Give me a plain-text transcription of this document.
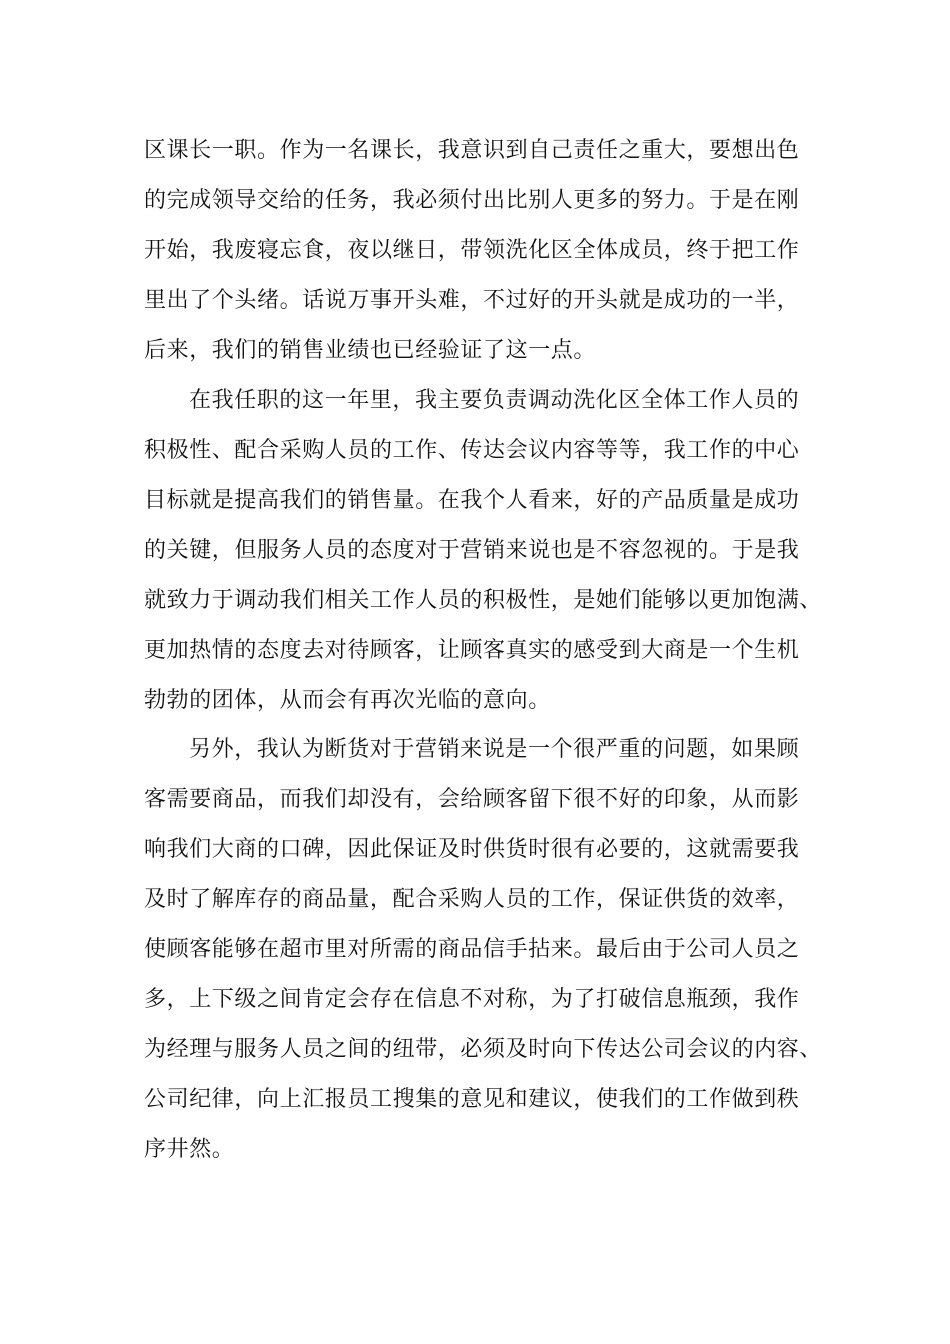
区课长一职。作为一名课长，我意识到自己责任之重大，要想出色
的完成领导交给的任务，我必须付出比别人更多的努力。于是在刚
开始，我废寝忘食，夜以继日，带领洗化区全体成员，终于把工作
里出了个头绪。话说万事开头难，不过好的开头就是成功的一半，
后来，我们的销售业绩也已经验证了这一点。
在我任职的这一年里，我主要负责调动洗化区全体工作人员的
积极性、配合采购人员的工作、传达会议内容等等，我工作的中心
目标就是提高我们的销售量。在我个人看来，好的产品质量是成功
的关键，但服务人员的态度对于营销来说也是不容忽视的。于是我
就致力于调动我们相关工作人员的积极性，是她们能够以更加饱满、
更加热情的态度去对待顾客，让顾客真实的感受到大商是一个生机
勃勃的团体，从而会有再次光临的意向。
另外，我认为断货对于营销来说是一个很严重的问题，如果顾
客需要商品，而我们却没有，会给顾客留下很不好的印象，从而影
响我们大商的口碑，因此保证及时供货时很有必要的，这就需要我
及时了解库存的商品量，配合采购人员的工作，保证供货的效率，
使顾客能够在超市里对所需的商品信手拈来。最后由于公司人员之
多，上下级之间肯定会存在信息不对称，为了打破信息瓶颈，我作
为经理与服务人员之间的纽带，必须及时向下传达公司会议的内容、
公司纪律，向上汇报员工搜集的意见和建议，使我们的工作做到秩
序井然。
